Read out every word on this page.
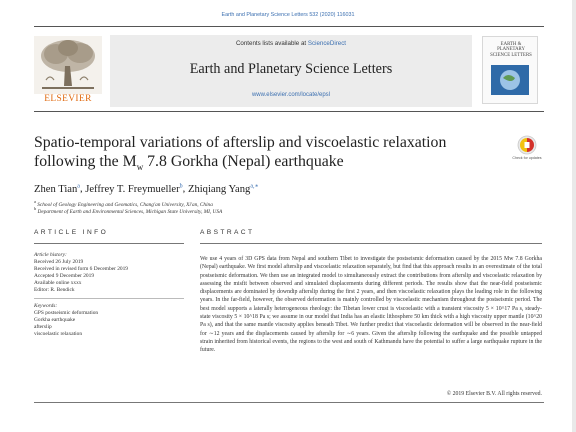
Earth and Planetary Science Letters 532 (2020) 116031
ELSEVIER
Contents lists available at ScienceDirect
Earth and Planetary Science Letters
www.elsevier.com/locate/epsl
EARTH & PLANETARY SCIENCE LETTERS
Spatio-temporal variations of afterslip and viscoelastic relaxation
following the $M_w$ 7.8 Gorkha (Nepal) earthquake	Check for updates
Zhen Tian$^a$, Jeffrey T. Freymueller$^b$, Zhiqiang Yang$^{a,∗}$
$^a$ School of Geology Engineering and Geomatics, Chang'an University, Xi'an, China
$^b$ Department of Earth and Environmental Sciences, Michigan State University, MI, USA
ARTICLE INFO	ABSTRACT
Article history:
Received 26 July 2019
Received in revised form 6 December 2019
Accepted 9 December 2019
Available online xxxx
Editor: R. Bendick
Keywords:
GPS postseismic deformation
Gorkha earthquake
afterslip
viscoelastic relaxation
We use 4 years of 3D GPS data from Nepal and southern Tibet to investigate the postseismic deformation caused by the 2015 Mw 7.8 Gorkha (Nepal) earthquake. We first model afterslip and viscoelastic relaxation separately, but find that this approach results in an overestimate of the total postseismic deformation. We then use an integrated model to simultaneously extract the contributions from afterslip and viscoelastic relaxation by assessing the misfit between observed and simulated displacements during different periods. The results show that the near-field postseismic displacements are dominated by downdip afterslip during the first 2 years, and then viscoelastic relaxation plays the leading role in the following years. In the far-field, however, the observed deformation is mainly controlled by viscoelastic mechanism throughout the postseismic period. The best model supports a laterally heterogeneous rheology: the Tibetan lower crust is viscoelastic with a transient viscosity 5 × 10^17 Pa s, steady-state viscosity 5 × 10^18 Pa s; we assume in our model that India has an elastic lithosphere 50 km thick with a high viscosity upper mantle (10^20 Pa s), and that the same mantle viscosity applies beneath Tibet. We further predict that viscoelastic deformation will be observed in the near-field for ∼12 years and the displacements caused by afterslip for ∼6 years. Given the afterslip following the earthquake and the possible untapped strain inherited from historical events, the regions to the west and south of Kathmandu have the potential to suffer a large earthquake rupture in the future.
© 2019 Elsevier B.V. All rights reserved.
